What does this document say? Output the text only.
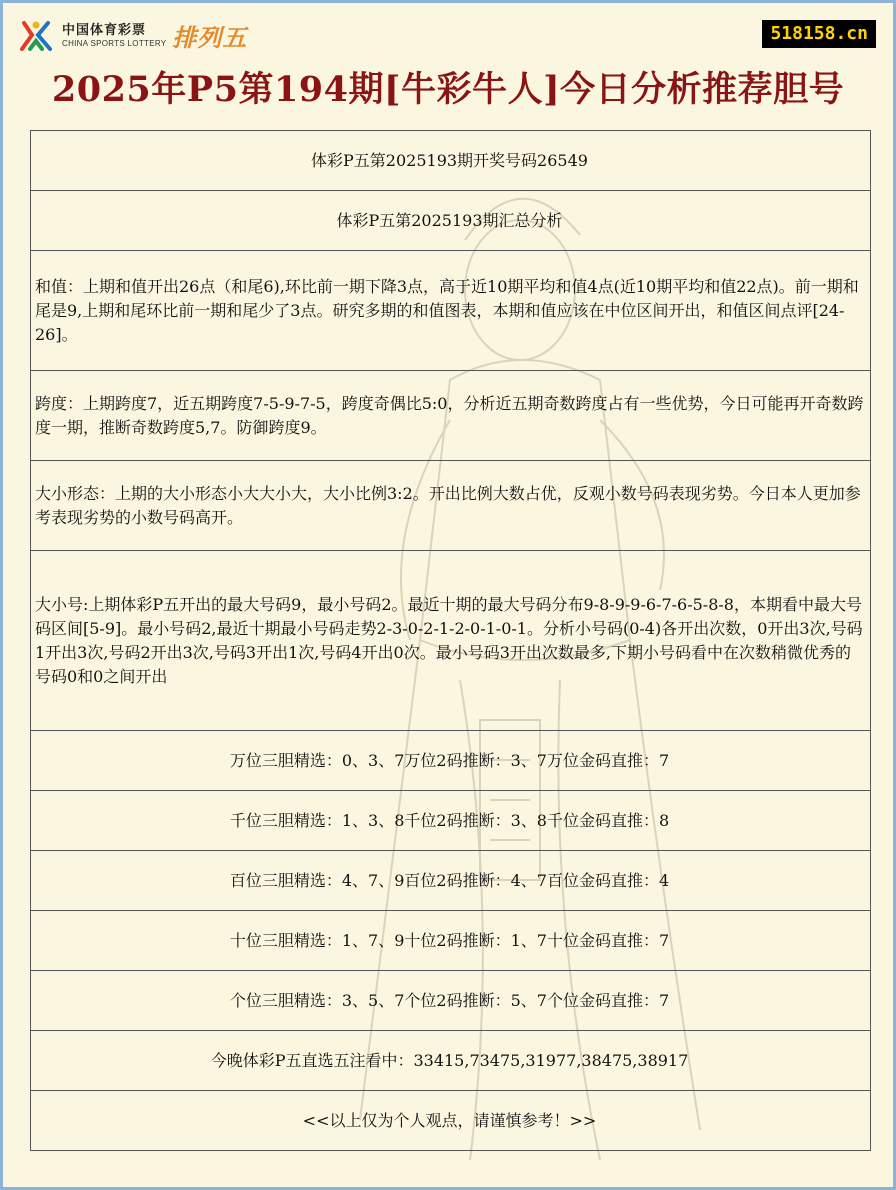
中国体育彩票
CHINA SPORTS LOTTERY 排列五	518158.cn
2025年P5第194期[牛彩牛人]今日分析推荐胆号
体彩P五第2025193期开奖号码26549
体彩P五第2025193期汇总分析
和值：上期和值开出26点（和尾6),环比前一期下降3点，高于近10期平均和值4点(近10期平均和值22点)。前一期和尾是9,上期和尾环比前一期和尾少了3点。研究多期的和值图表，本期和值应该在中位区间开出，和值区间点评[24-26]。
跨度：上期跨度7，近五期跨度7-5-9-7-5，跨度奇偶比5:0，分析近五期奇数跨度占有一些优势，今日可能再开奇数跨度一期，推断奇数跨度5,7。防御跨度9。
大小形态：上期的大小形态小大大小大，大小比例3:2。开出比例大数占优，反观小数号码表现劣势。今日本人更加参考表现劣势的小数号码高开。
大小号:上期体彩P五开出的最大号码9，最小号码2。最近十期的最大号码分布9-8-9-9-6-7-6-5-8-8，本期看中最大号码区间[5-9]。最小号码2,最近十期最小号码走势2-3-0-2-1-2-0-1-0-1。分析小号码(0-4)各开出次数，0开出3次,号码1开出3次,号码2开出3次,号码3开出1次,号码4开出0次。最小号码3开出次数最多,下期小号码看中在次数稍微优秀的号码0和0之间开出
万位三胆精选：0、3、7万位2码推断：3、7万位金码直推：7
千位三胆精选：1、3、8千位2码推断：3、8千位金码直推：8
百位三胆精选：4、7、9百位2码推断：4、7百位金码直推：4
十位三胆精选：1、7、9十位2码推断：1、7十位金码直推：7
个位三胆精选：3、5、7个位2码推断：5、7个位金码直推：7
今晚体彩P五直选五注看中：33415,73475,31977,38475,38917
<<以上仅为个人观点，请谨慎参考！>>
